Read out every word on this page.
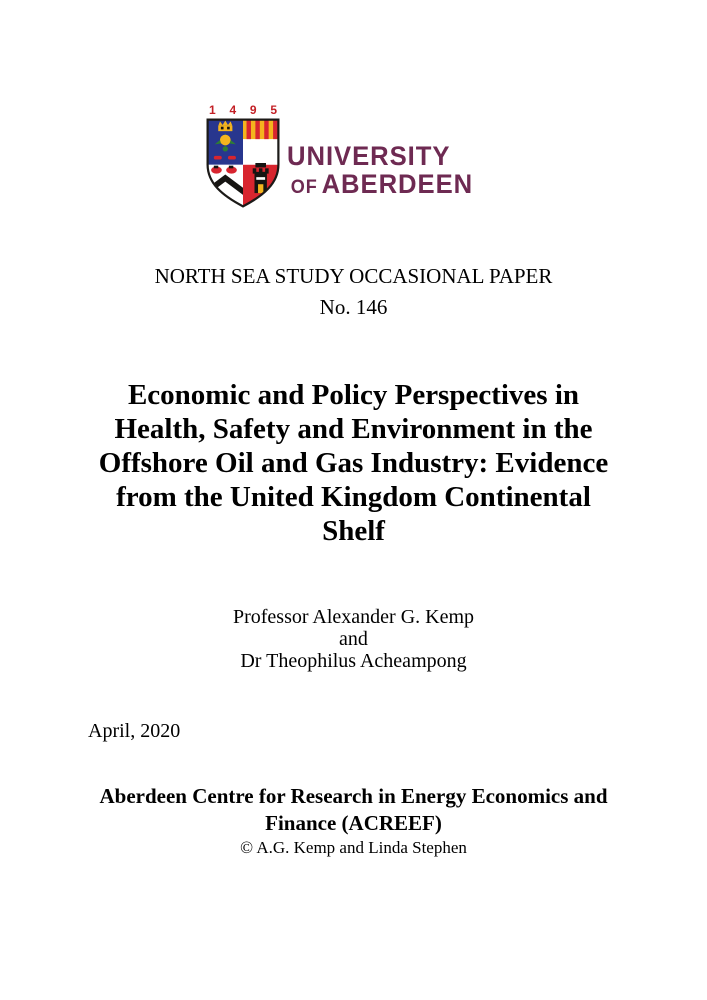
1 4 9 5
UNIVERSITY
OF ABERDEEN
NORTH SEA STUDY OCCASIONAL PAPER
No. 146
Economic and Policy Perspectives in
Health, Safety and Environment in the
Offshore Oil and Gas Industry: Evidence
from the United Kingdom Continental
Shelf
Professor Alexander G. Kemp
and
Dr Theophilus Acheampong
April, 2020
Aberdeen Centre for Research in Energy Economics and
Finance (ACREEF)
© A.G. Kemp and Linda Stephen
